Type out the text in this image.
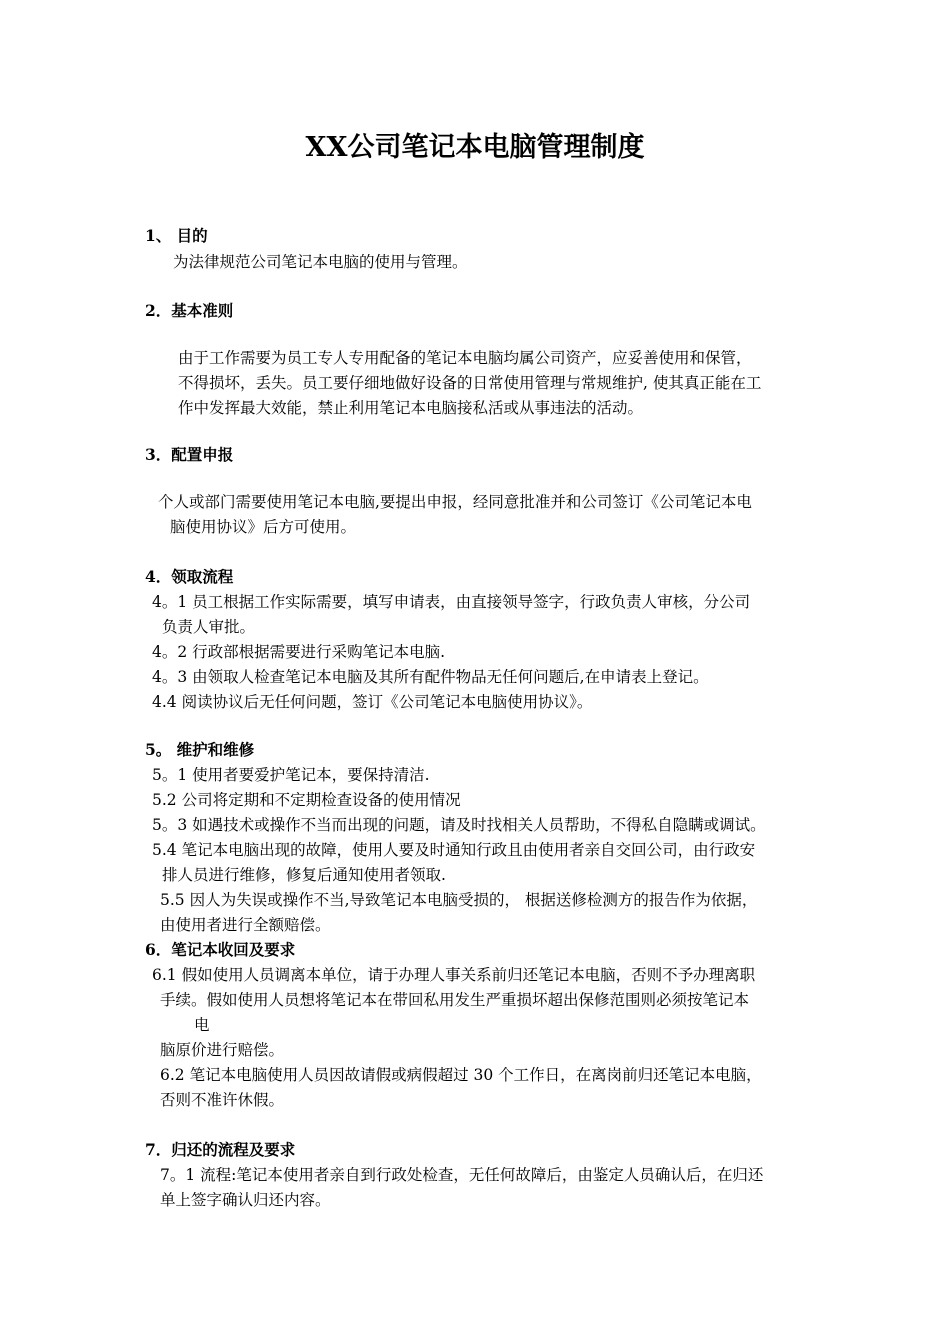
XX公司笔记本电脑管理制度
1、 目的
为法律规范公司笔记本电脑的使用与管理。
2．基本准则
由于工作需要为员工专人专用配备的笔记本电脑均属公司资产，应妥善使用和保管，
不得损坏，丢失。员工要仔细地做好设备的日常使用管理与常规维护, 使其真正能在工
作中发挥最大效能，禁止利用笔记本电脑接私活或从事违法的活动。
3．配置申报
个人或部门需要使用笔记本电脑,要提出申报，经同意批准并和公司签订《公司笔记本电
脑使用协议》后方可使用。
4．领取流程
4。1 员工根据工作实际需要，填写申请表，由直接领导签字，行政负责人审核，分公司
负责人审批。
4。2 行政部根据需要进行采购笔记本电脑.
4。3 由领取人检查笔记本电脑及其所有配件物品无任何问题后,在申请表上登记。
4.4 阅读协议后无任何问题，签订《公司笔记本电脑使用协议》。
5。 维护和维修
5。1 使用者要爱护笔记本，要保持清洁.
5.2 公司将定期和不定期检查设备的使用情况
5。3 如遇技术或操作不当而出现的问题，请及时找相关人员帮助，不得私自隐瞒或调试。
5.4 笔记本电脑出现的故障，使用人要及时通知行政且由使用者亲自交回公司，由行政安
排人员进行维修，修复后通知使用者领取.
5.5 因人为失误或操作不当,导致笔记本电脑受损的， 根据送修检测方的报告作为依据，
由使用者进行全额赔偿。
6．笔记本收回及要求
6.1 假如使用人员调离本单位，请于办理人事关系前归还笔记本电脑，否则不予办理离职
手续。假如使用人员想将笔记本在带回私用发生严重损坏超出保修范围则必须按笔记本
电
脑原价进行赔偿。
6.2 笔记本电脑使用人员因故请假或病假超过 30 个工作日，在离岗前归还笔记本电脑，
否则不准许休假。
7．归还的流程及要求
7。1 流程:笔记本使用者亲自到行政处检查，无任何故障后，由鉴定人员确认后，在归还
单上签字确认归还内容。
